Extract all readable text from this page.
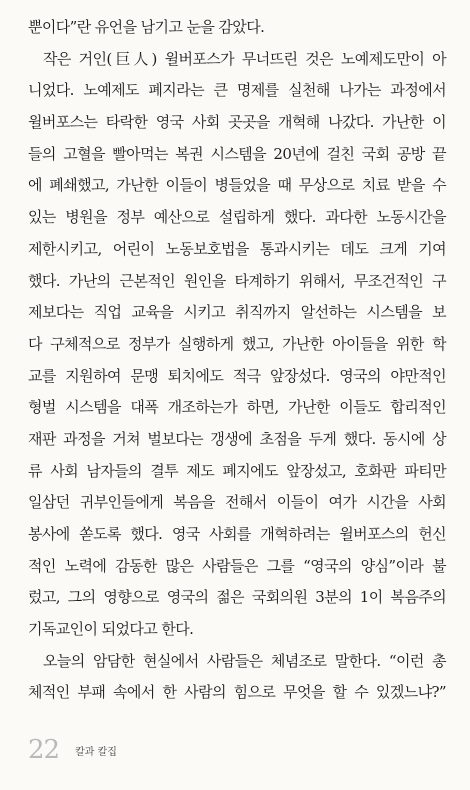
뿐이다”란 유언을 남기고 눈을 감았다.
작은 거인(巨人) 윌버포스가 무너뜨린 것은 노예제도만이 아
니었다. 노예제도 폐지라는 큰 명제를 실천해 나가는 과정에서
윌버포스는 타락한 영국 사회 곳곳을 개혁해 나갔다. 가난한 이
들의 고혈을 빨아먹는 복권 시스템을 20년에 걸친 국회 공방 끝
에 폐쇄했고, 가난한 이들이 병들었을 때 무상으로 치료 받을 수
있는 병원을 정부 예산으로 설립하게 했다. 과다한 노동시간을
제한시키고, 어린이 노동보호법을 통과시키는 데도 크게 기여
했다. 가난의 근본적인 원인을 타계하기 위해서, 무조건적인 구
제보다는 직업 교육을 시키고 취직까지 알선하는 시스템을 보
다 구체적으로 정부가 실행하게 했고, 가난한 아이들을 위한 학
교를 지원하여 문맹 퇴치에도 적극 앞장섰다. 영국의 야만적인
형벌 시스템을 대폭 개조하는가 하면, 가난한 이들도 합리적인
재판 과정을 거쳐 벌보다는 갱생에 초점을 두게 했다. 동시에 상
류 사회 남자들의 결투 제도 폐지에도 앞장섰고, 호화판 파티만
일삼던 귀부인들에게 복음을 전해서 이들이 여가 시간을 사회
봉사에 쏟도록 했다. 영국 사회를 개혁하려는 윌버포스의 헌신
적인 노력에 감동한 많은 사람들은 그를 “영국의 양심”이라 불
렀고, 그의 영향으로 영국의 젊은 국회의원 3분의 1이 복음주의
기독교인이 되었다고 한다.
오늘의 암담한 현실에서 사람들은 체념조로 말한다. “이런 총
체적인 부패 속에서 한 사람의 힘으로 무엇을 할 수 있겠느냐?”
22 칼과 칼집
